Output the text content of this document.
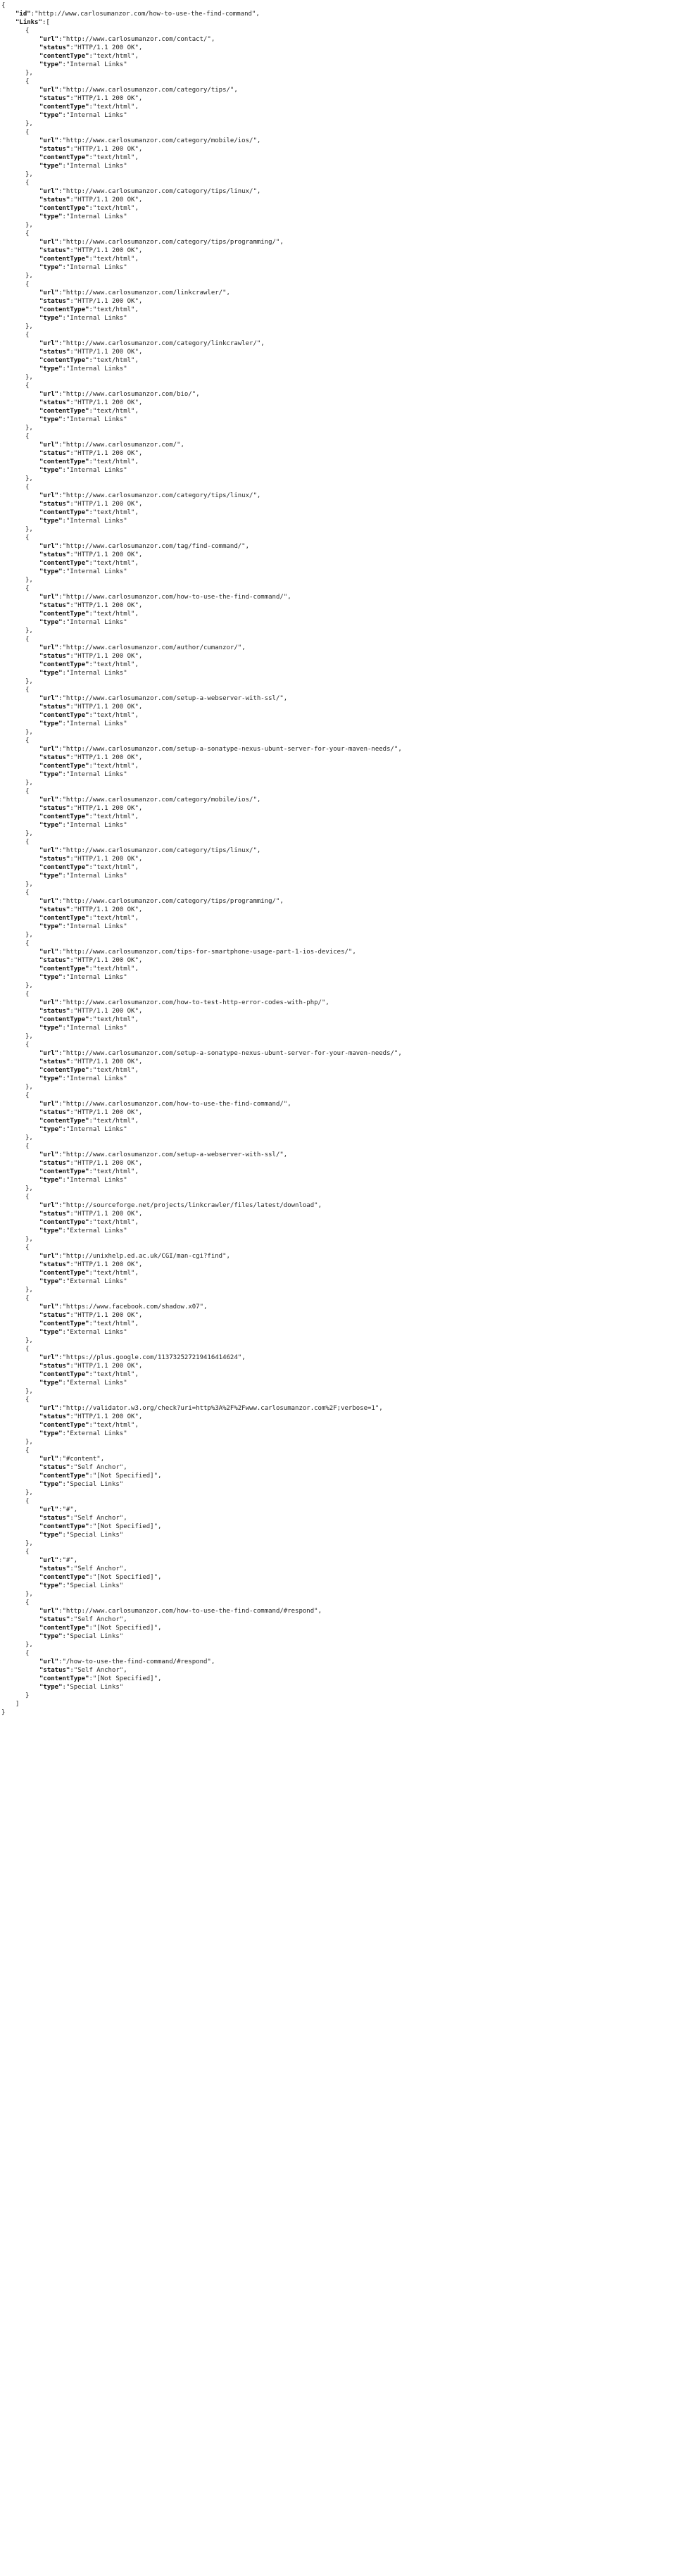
{
"id":"http://www.carlosumanzor.com/how-to-use-the-find-command",
"Links":[
{
"url":"http://www.carlosumanzor.com/contact/",
"status":"HTTP/1.1 200 OK",
"contentType":"text/html",
"type":"Internal Links"
},
{
"url":"http://www.carlosumanzor.com/category/tips/",
"status":"HTTP/1.1 200 OK",
"contentType":"text/html",
"type":"Internal Links"
},
{
"url":"http://www.carlosumanzor.com/category/mobile/ios/",
"status":"HTTP/1.1 200 OK",
"contentType":"text/html",
"type":"Internal Links"
},
{
"url":"http://www.carlosumanzor.com/category/tips/linux/",
"status":"HTTP/1.1 200 OK",
"contentType":"text/html",
"type":"Internal Links"
},
{
"url":"http://www.carlosumanzor.com/category/tips/programming/",
"status":"HTTP/1.1 200 OK",
"contentType":"text/html",
"type":"Internal Links"
},
{
"url":"http://www.carlosumanzor.com/linkcrawler/",
"status":"HTTP/1.1 200 OK",
"contentType":"text/html",
"type":"Internal Links"
},
{
"url":"http://www.carlosumanzor.com/category/linkcrawler/",
"status":"HTTP/1.1 200 OK",
"contentType":"text/html",
"type":"Internal Links"
},
{
"url":"http://www.carlosumanzor.com/bio/",
"status":"HTTP/1.1 200 OK",
"contentType":"text/html",
"type":"Internal Links"
},
{
"url":"http://www.carlosumanzor.com/",
"status":"HTTP/1.1 200 OK",
"contentType":"text/html",
"type":"Internal Links"
},
{
"url":"http://www.carlosumanzor.com/category/tips/linux/",
"status":"HTTP/1.1 200 OK",
"contentType":"text/html",
"type":"Internal Links"
},
{
"url":"http://www.carlosumanzor.com/tag/find-command/",
"status":"HTTP/1.1 200 OK",
"contentType":"text/html",
"type":"Internal Links"
},
{
"url":"http://www.carlosumanzor.com/how-to-use-the-find-command/",
"status":"HTTP/1.1 200 OK",
"contentType":"text/html",
"type":"Internal Links"
},
{
"url":"http://www.carlosumanzor.com/author/cumanzor/",
"status":"HTTP/1.1 200 OK",
"contentType":"text/html",
"type":"Internal Links"
},
{
"url":"http://www.carlosumanzor.com/setup-a-webserver-with-ssl/",
"status":"HTTP/1.1 200 OK",
"contentType":"text/html",
"type":"Internal Links"
},
{
"url":"http://www.carlosumanzor.com/setup-a-sonatype-nexus-ubunt-server-for-your-maven-needs/",
"status":"HTTP/1.1 200 OK",
"contentType":"text/html",
"type":"Internal Links"
},
{
"url":"http://www.carlosumanzor.com/category/mobile/ios/",
"status":"HTTP/1.1 200 OK",
"contentType":"text/html",
"type":"Internal Links"
},
{
"url":"http://www.carlosumanzor.com/category/tips/linux/",
"status":"HTTP/1.1 200 OK",
"contentType":"text/html",
"type":"Internal Links"
},
{
"url":"http://www.carlosumanzor.com/category/tips/programming/",
"status":"HTTP/1.1 200 OK",
"contentType":"text/html",
"type":"Internal Links"
},
{
"url":"http://www.carlosumanzor.com/tips-for-smartphone-usage-part-1-ios-devices/",
"status":"HTTP/1.1 200 OK",
"contentType":"text/html",
"type":"Internal Links"
},
{
"url":"http://www.carlosumanzor.com/how-to-test-http-error-codes-with-php/",
"status":"HTTP/1.1 200 OK",
"contentType":"text/html",
"type":"Internal Links"
},
{
"url":"http://www.carlosumanzor.com/setup-a-sonatype-nexus-ubunt-server-for-your-maven-needs/",
"status":"HTTP/1.1 200 OK",
"contentType":"text/html",
"type":"Internal Links"
},
{
"url":"http://www.carlosumanzor.com/how-to-use-the-find-command/",
"status":"HTTP/1.1 200 OK",
"contentType":"text/html",
"type":"Internal Links"
},
{
"url":"http://www.carlosumanzor.com/setup-a-webserver-with-ssl/",
"status":"HTTP/1.1 200 OK",
"contentType":"text/html",
"type":"Internal Links"
},
{
"url":"http://sourceforge.net/projects/linkcrawler/files/latest/download",
"status":"HTTP/1.1 200 OK",
"contentType":"text/html",
"type":"External Links"
},
{
"url":"http://unixhelp.ed.ac.uk/CGI/man-cgi?find",
"status":"HTTP/1.1 200 OK",
"contentType":"text/html",
"type":"External Links"
},
{
"url":"https://www.facebook.com/shadow.x07",
"status":"HTTP/1.1 200 OK",
"contentType":"text/html",
"type":"External Links"
},
{
"url":"https://plus.google.com/113732527219416414624",
"status":"HTTP/1.1 200 OK",
"contentType":"text/html",
"type":"External Links"
},
{
"url":"http://validator.w3.org/check?uri=http%3A%2F%2Fwww.carlosumanzor.com%2F;verbose=1",
"status":"HTTP/1.1 200 OK",
"contentType":"text/html",
"type":"External Links"
},
{
"url":"#content",
"status":"Self Anchor",
"contentType":"[Not Specified]",
"type":"Special Links"
},
{
"url":"#",
"status":"Self Anchor",
"contentType":"[Not Specified]",
"type":"Special Links"
},
{
"url":"#",
"status":"Self Anchor",
"contentType":"[Not Specified]",
"type":"Special Links"
},
{
"url":"http://www.carlosumanzor.com/how-to-use-the-find-command/#respond",
"status":"Self Anchor",
"contentType":"[Not Specified]",
"type":"Special Links"
},
{
"url":"/how-to-use-the-find-command/#respond",
"status":"Self Anchor",
"contentType":"[Not Specified]",
"type":"Special Links"
}
]
}
